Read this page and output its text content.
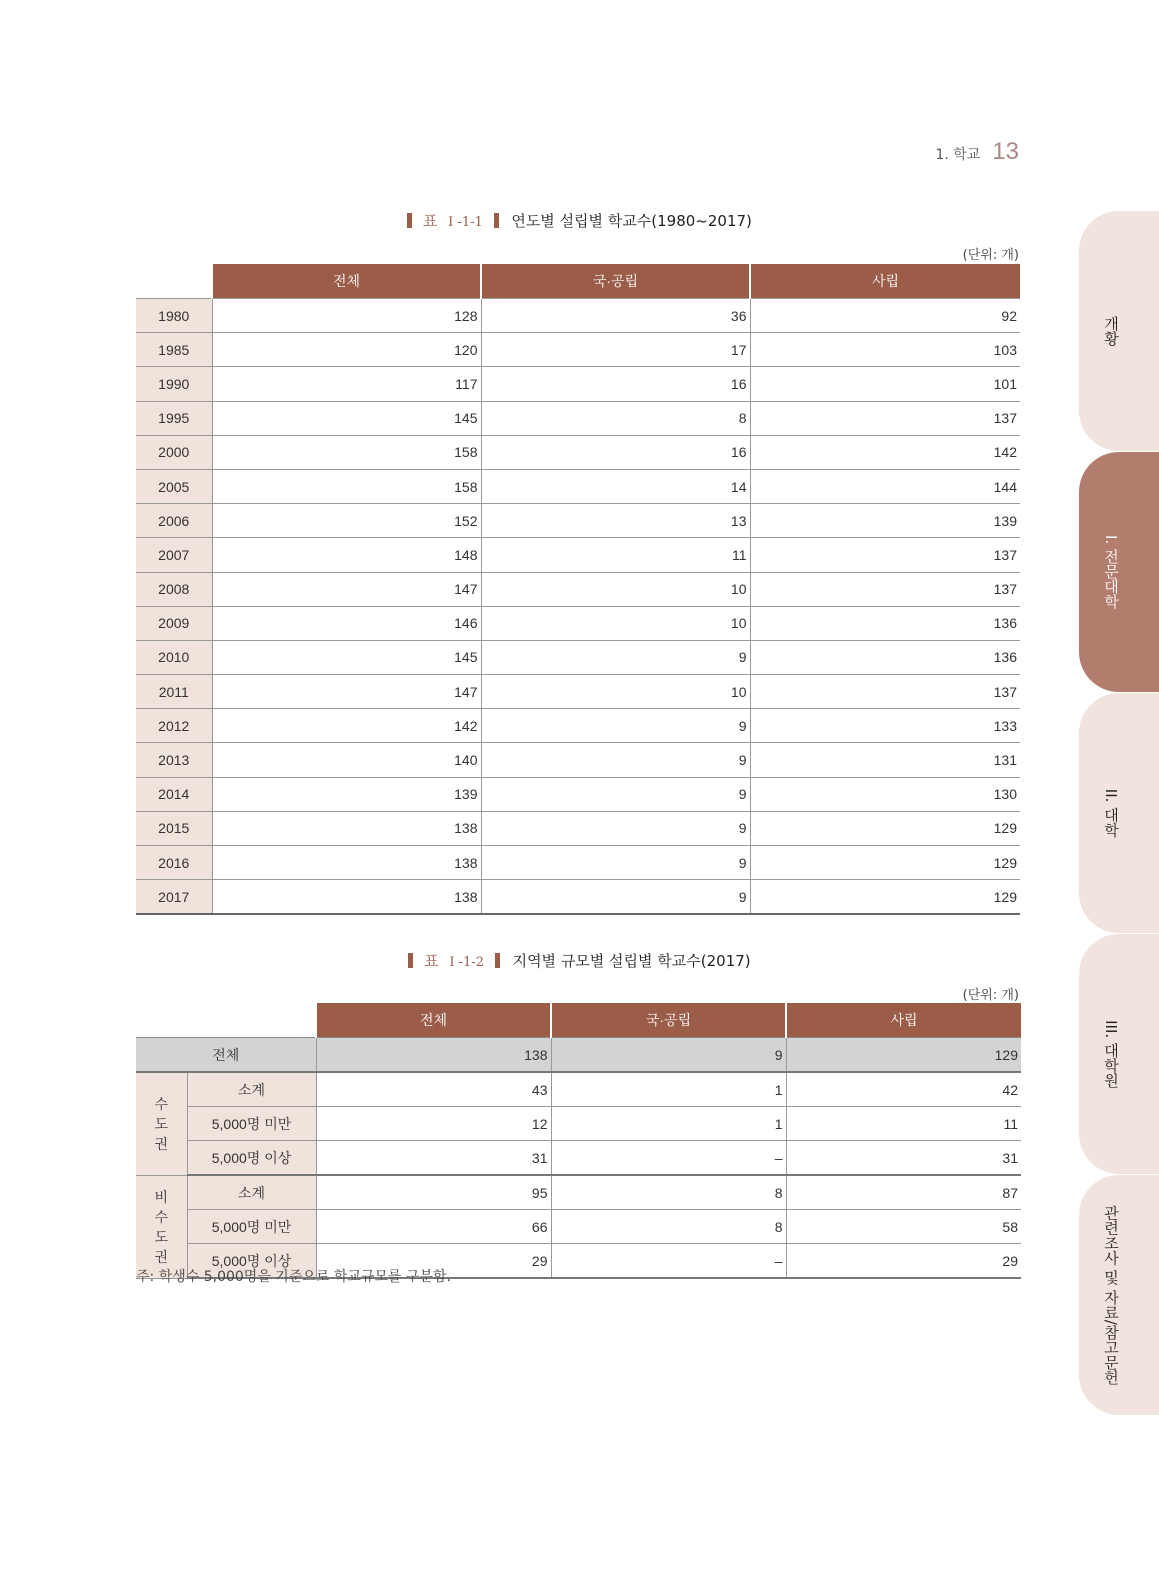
1. 학교 13
표 I -1-1 연도별 설립별 학교수(1980~2017)
(단위: 개)
	전체	국·공립	사립
1980	128	36	92
1985	120	17	103
1990	117	16	101
1995	145	8	137
2000	158	16	142
2005	158	14	144
2006	152	13	139
2007	148	11	137
2008	147	10	137
2009	146	10	136
2010	145	9	136
2011	147	10	137
2012	142	9	133
2013	140	9	131
2014	139	9	130
2015	138	9	129
2016	138	9	129
2017	138	9	129
표 I -1-2 지역별 규모별 설립별 학교수(2017)
(단위: 개)
		전체	국·공립	사립
전체		138	9	129

수
도
권	소계	43	1	42
	5,000명 미만	12	1	11
	5,000명 이상	31	–	31

비
수
도
권	소계	95	8	87
	5,000명 미만	66	8	58
	5,000명 이상	29	–	29
주: 학생수 5,000명을 기준으로 학교규모를 구분함.
개황
I. 전문대학
II. 대학
III. 대학원
관련조사 및 자료/참고문헌
